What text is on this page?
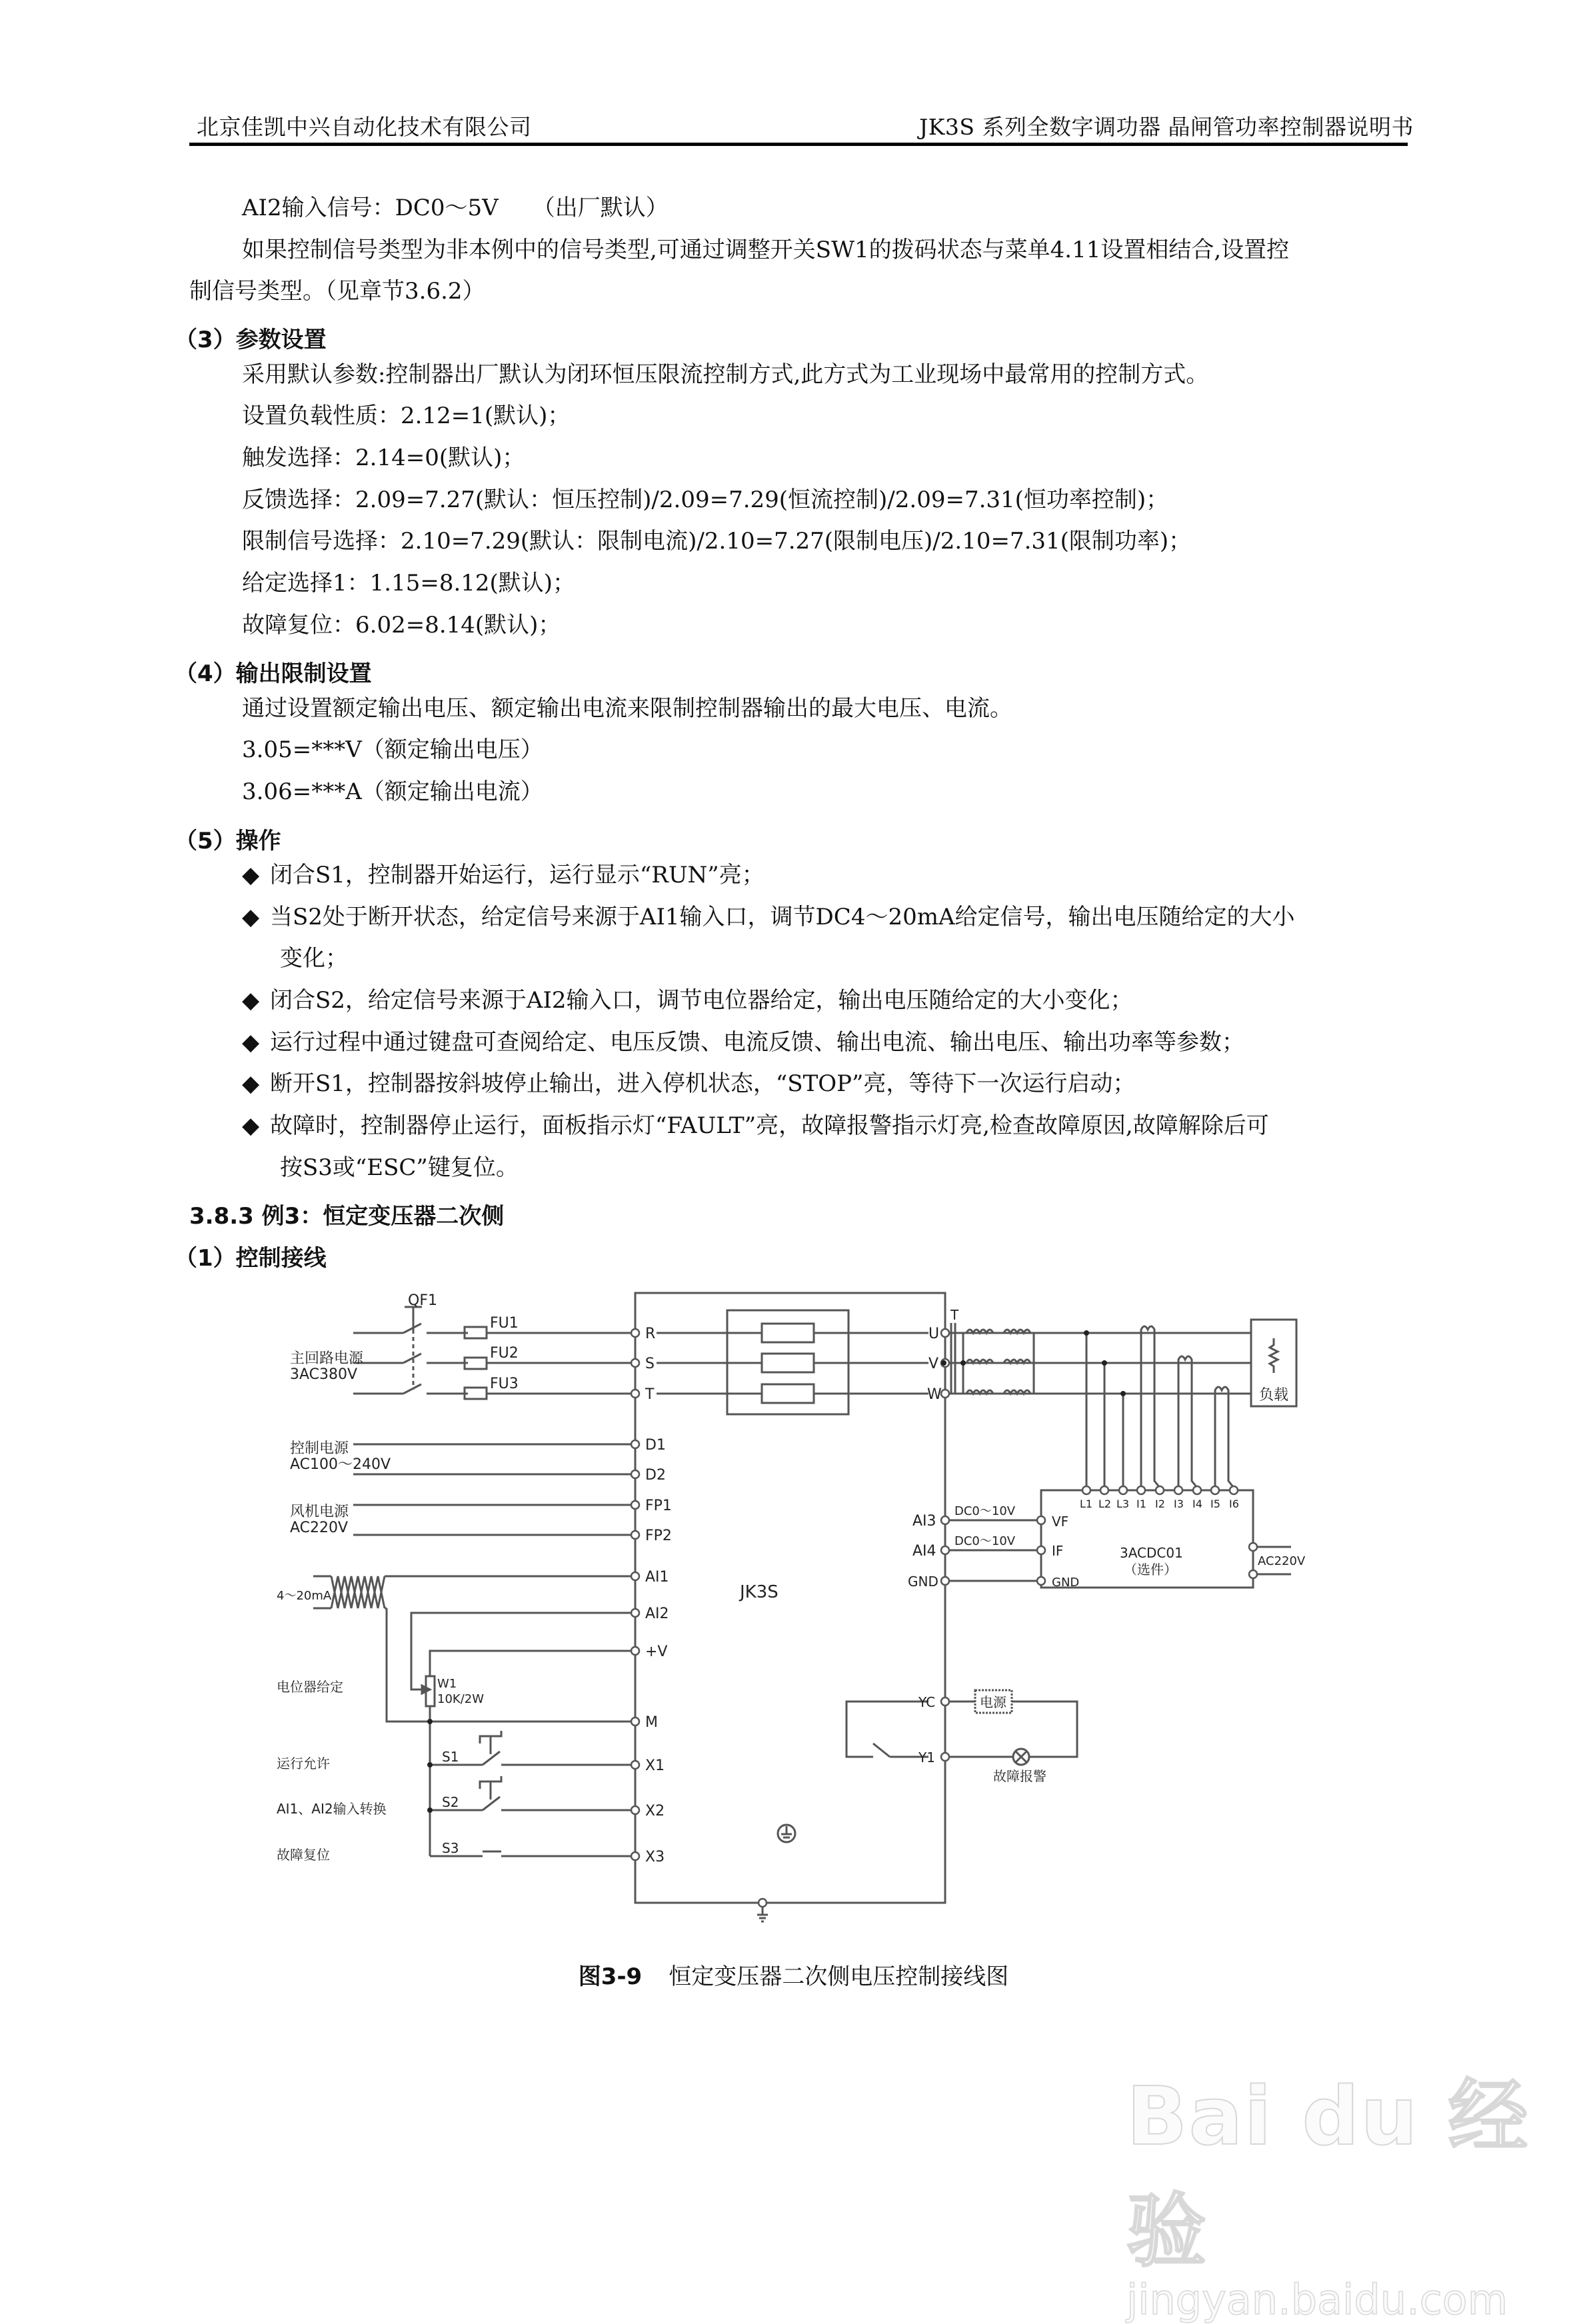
北京佳凯中兴自动化技术有限公司	JK3S 系列全数字调功器 晶闸管功率控制器说明书
AI2输入信号：DC0～5V　　（出厂默认）
如果控制信号类型为非本例中的信号类型,可通过调整开关SW1的拨码状态与菜单4.11设置相结合,设置控
制信号类型。（见章节3.6.2）
（3）参数设置
采用默认参数:控制器出厂默认为闭环恒压限流控制方式,此方式为工业现场中最常用的控制方式。
设置负载性质：2.12=1(默认)；
触发选择：2.14=0(默认)；
反馈选择：2.09=7.27(默认：恒压控制)/2.09=7.29(恒流控制)/2.09=7.31(恒功率控制)；
限制信号选择：2.10=7.29(默认：限制电流)/2.10=7.27(限制电压)/2.10=7.31(限制功率)；
给定选择1：1.15=8.12(默认)；
故障复位：6.02=8.14(默认)；
（4）输出限制设置
通过设置额定输出电压、额定输出电流来限制控制器输出的最大电压、电流。
3.05=***V（额定输出电压）
3.06=***A（额定输出电流）
（5）操作
◆ 闭合S1，控制器开始运行，运行显示“RUN”亮；
◆ 当S2处于断开状态，给定信号来源于AI1输入口，调节DC4～20mA给定信号，输出电压随给定的大小
变化；
◆ 闭合S2，给定信号来源于AI2输入口，调节电位器给定，输出电压随给定的大小变化；
◆ 运行过程中通过键盘可查阅给定、电压反馈、电流反馈、输出电流、输出电压、输出功率等参数；
◆ 断开S1，控制器按斜坡停止输出，进入停机状态，“STOP”亮，等待下一次运行启动；
◆ 故障时，控制器停止运行，面板指示灯“FAULT”亮，故障报警指示灯亮,检查故障原因,故障解除后可
按S3或“ESC”键复位。
3.8.3 例3：恒定变压器二次侧
（1）控制接线
QF1
FU1
FU2
FU3
主回路电源
3AC380V
控制电源
AC100～240V
风机电源
AC220V
4～20mA
电位器给定	W1
10K/2W
运行允许
AI1、AI2输入转换
故障复位
S1
S2
S3
R
S
T
D1
D2
FP1
FP2
AI1
AI2
+V
M
X1
X2
X3
U
V
W
AI3
AI4
GND
YC
Y1
JK3S
T
负载
DC0～10V
DC0～10V
3ACDC01
（选件）
VF
IF
GND
L1 L2 L3 I1 I2 I3 I4 I5 I6
AC220V
电源
故障报警
图3-9 恒定变压器二次侧电压控制接线图
Bai du 经验
jingyan.baidu.com
